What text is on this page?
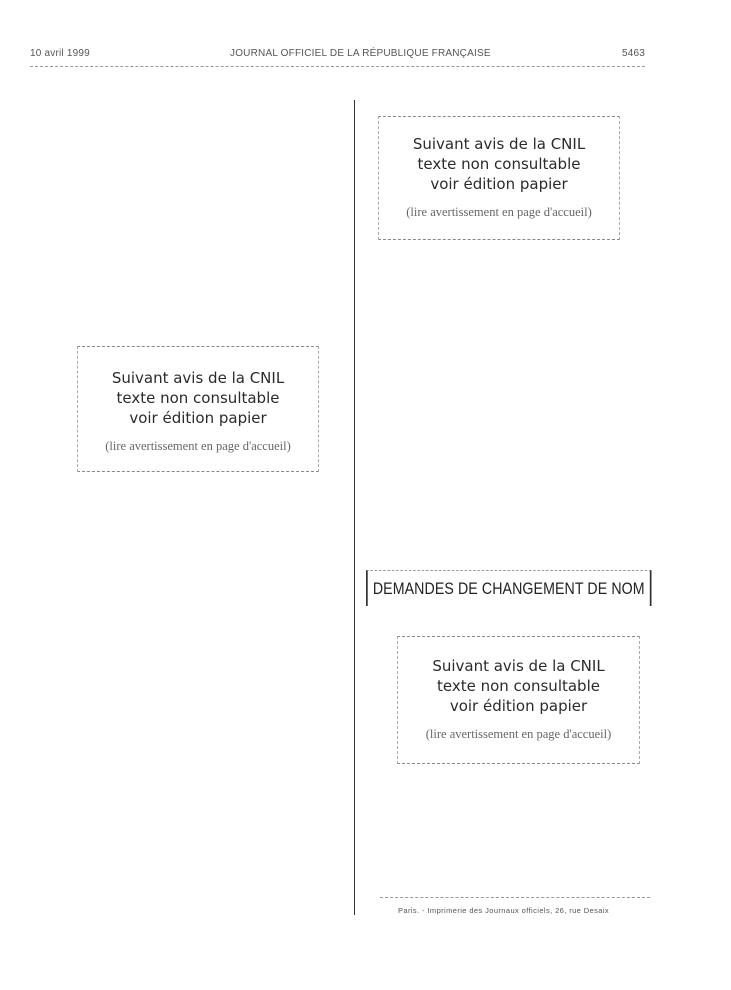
10 avril 1999	JOURNAL OFFICIEL DE LA RÉPUBLIQUE FRANÇAISE	5463
Suivant avis de la CNIL
texte non consultable
voir édition papier
(lire avertissement en page d'accueil)
Suivant avis de la CNIL
texte non consultable
voir édition papier
(lire avertissement en page d'accueil)
DEMANDES DE CHANGEMENT DE NOM
Suivant avis de la CNIL
texte non consultable
voir édition papier
(lire avertissement en page d'accueil)
Paris. - Imprimerie des Journaux officiels, 26, rue Desaix
